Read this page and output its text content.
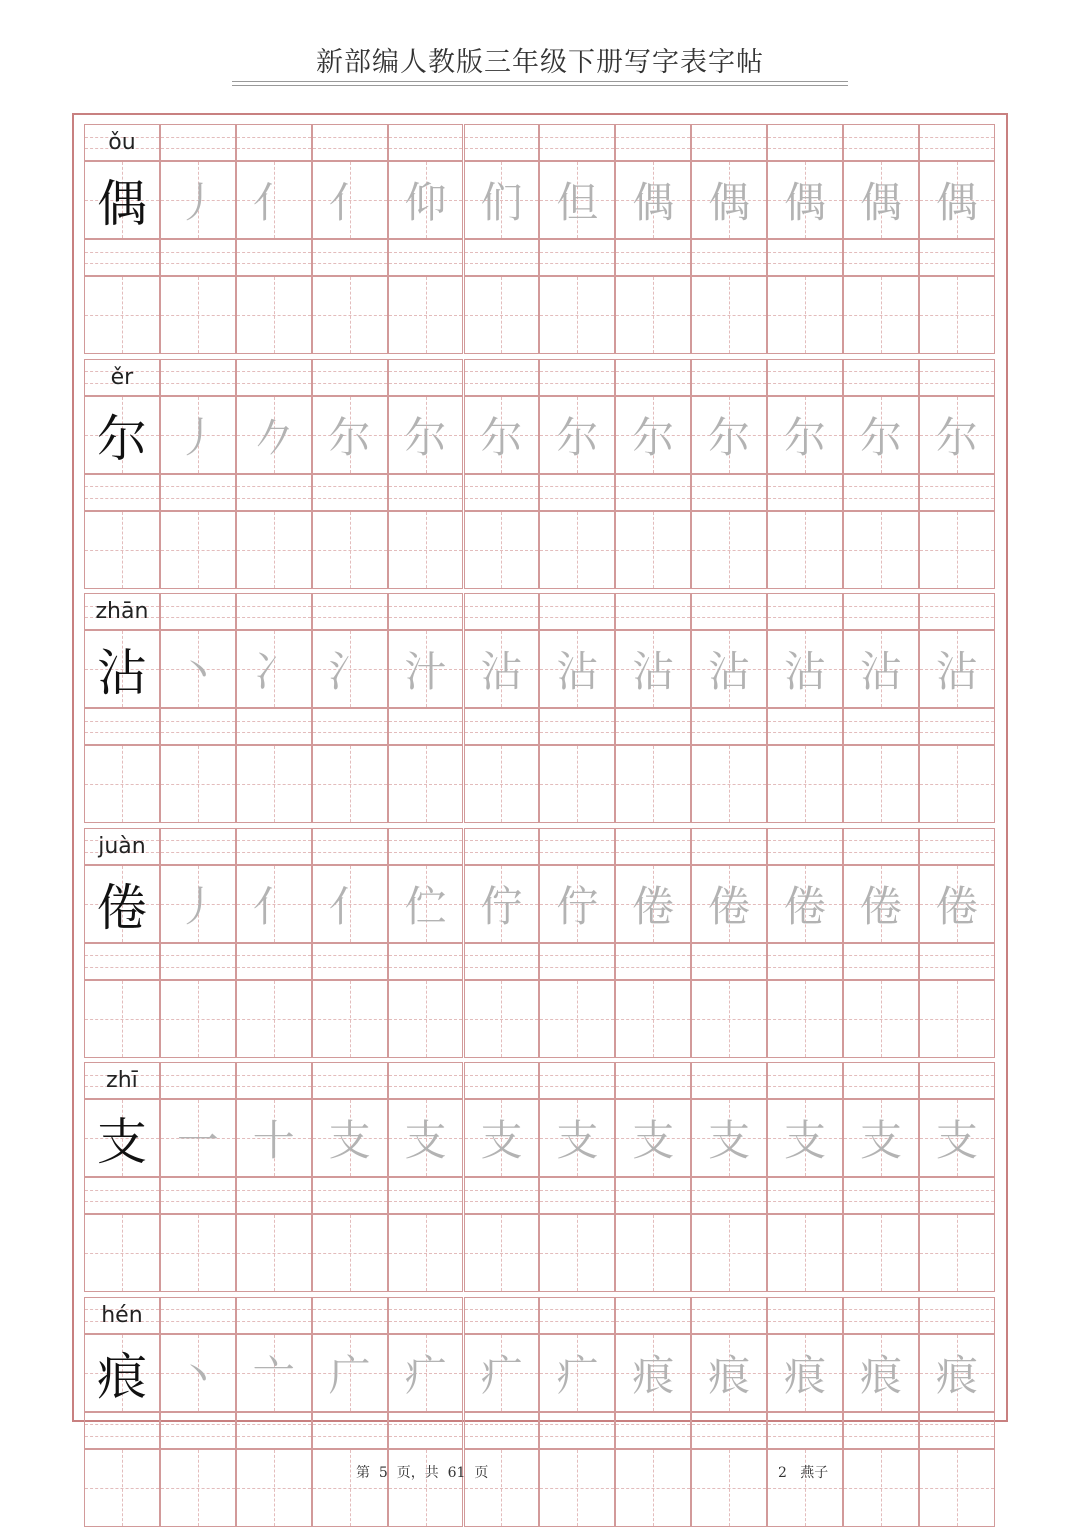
新部编人教版三年级下册写字表字帖
ǒu
偶 丿 亻 亻 仰 们 但 偶 偶 偶 偶 偶
ěr
尔 丿 𠂊 尔 尔 尔 尔 尔 尔 尔 尔 尔
zhān
沾 丶 冫 氵 汁 沾 沾 沾 沾 沾 沾 沾
juàn
倦 丿 亻 亻 伫 佇 佇 倦 倦 倦 倦 倦
zhī
支 一 十 支 支 支 支 支 支 支 支 支
hén
痕 丶 亠 广 疒 疒 疒 痕 痕 痕 痕 痕
第  5  页，共  61  页	2   燕子
